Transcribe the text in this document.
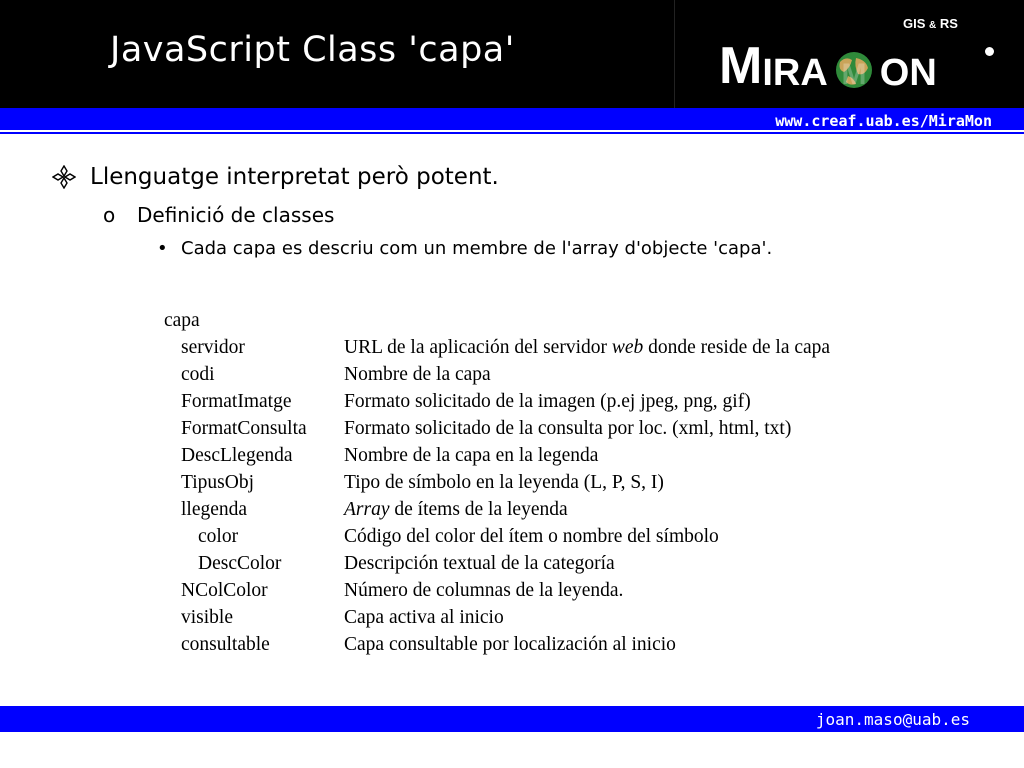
JavaScript Class 'capa'
GIS & RS
M IRA M ON
www.creaf.uab.es/MiraMon
Llenguatge interpretat però potent.
o Definició de classes
• Cada capa es descriu com un membre de l'array d'objecte 'capa'.
capa
servidor	URL de la aplicación del servidor web donde reside de la capa
codi	Nombre de la capa
FormatImatge	Formato solicitado de la imagen (p.ej jpeg, png, gif)
FormatConsulta	Formato solicitado de la consulta por loc. (xml, html, txt)
DescLlegenda	Nombre de la capa en la legenda
TipusObj	Tipo de símbolo en la leyenda (L, P, S, I)
llegenda	Array de ítems de la leyenda
color	Código del color del ítem o nombre del símbolo
DescColor	Descripción textual de la categoría
NColColor	Número de columnas de la leyenda.
visible	Capa activa al inicio
consultable	Capa consultable por localización al inicio
joan.maso@uab.es
